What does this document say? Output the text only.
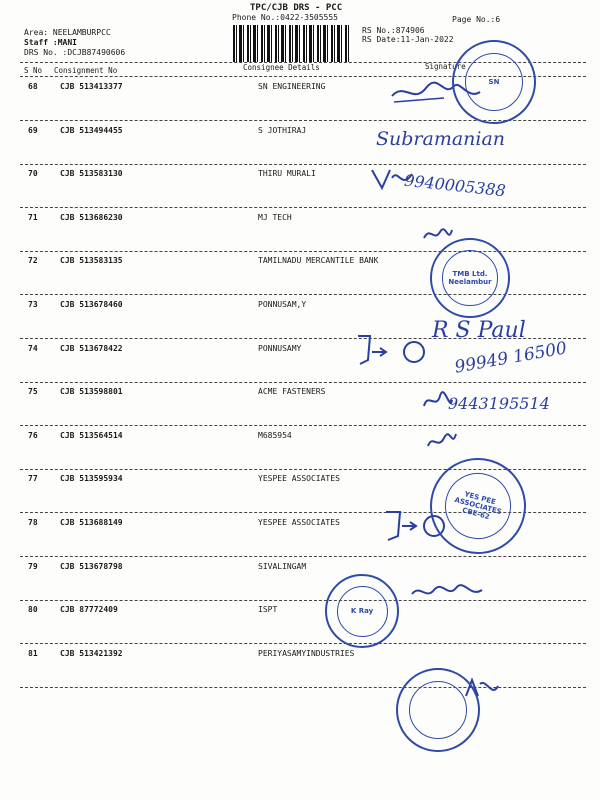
TPC/CJB DRS - PCC
Phone No.:0422-3505555	Page No.:6
RS No.:874906
RS Date:11-Jan-2022
Area: NEELAMBURPCC
Staff :MANI
DRS No. :DCJB87490606
S No Consignment No	Consignee Details	Signature
68	CJB 513413377	SN ENGINEERING
69	CJB 513494455	S JOTHIRAJ
70	CJB 513583130	THIRU MURALI
71	CJB 513686230	MJ TECH
72	CJB 513583135	TAMILNADU MERCANTILE BANK
73	CJB 513678460	PONNUSAM,Y
74	CJB 513678422	PONNUSAMY
75	CJB 513598801	ACME FASTENERS
76	CJB 513564514	M685954
77	CJB 513595934	YESPEE ASSOCIATES
78	CJB 513688149	YESPEE ASSOCIATES
79	CJB 513678798	SIVALINGAM
80	CJB 87772409	ISPT
81	CJB 513421392	PERIYASAMYINDUSTRIES
Subramanian
9940005388
R S Paul
99949 16500
9443195514
SN
TMB Ltd. Neelambur
YES PEE ASSOCIATES CBE-62
K Ray
